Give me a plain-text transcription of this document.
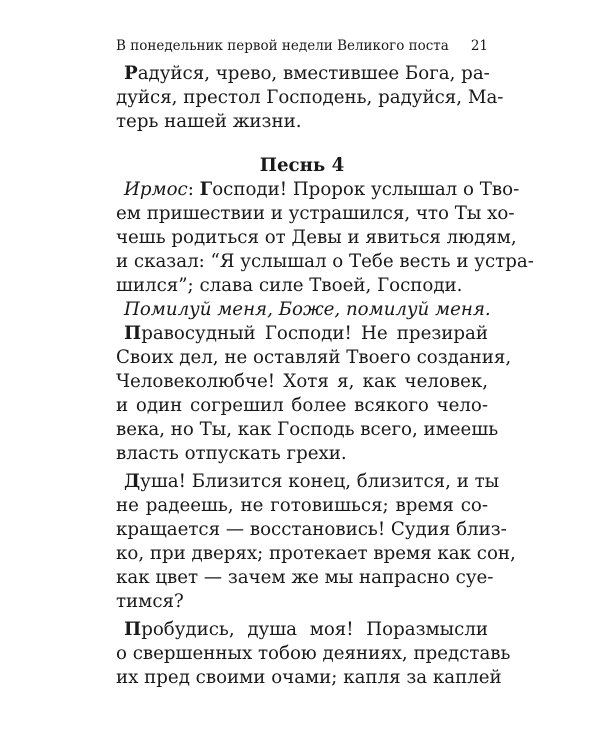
В понедельник первой недели Великого поста 21
Радуйся, чрево, вместившее Бога, ра-
дуйся, престол Господень, радуйся, Ма-
терь нашей жизни.
Песнь 4
Ирмос: Господи! Пророк услышал о Тво-
ем пришествии и устрашился, что Ты хо-
чешь родиться от Девы и явиться людям,
и сказал: “Я услышал о Тебе весть и устра-
шился”; слава силе Твоей, Господи.
Помилуй меня, Боже, помилуй меня.
Правосудный Господи! Не презирай
Своих дел, не оставляй Твоего создания,
Человеколюбче! Хотя я, как человек,
и один согрешил более всякого чело-
века, но Ты, как Господь всего, имеешь
власть отпускать грехи.
Душа! Близится конец, близится, и ты
не радеешь, не готовишься; время со-
кращается — восстановись! Судия близ-
ко, при дверях; протекает время как сон,
как цвет — зачем же мы напрасно суе-
тимся?
Пробудись, душа моя! Поразмысли
о свершенных тобою деяниях, представь
их пред своими очами; капля за каплей
